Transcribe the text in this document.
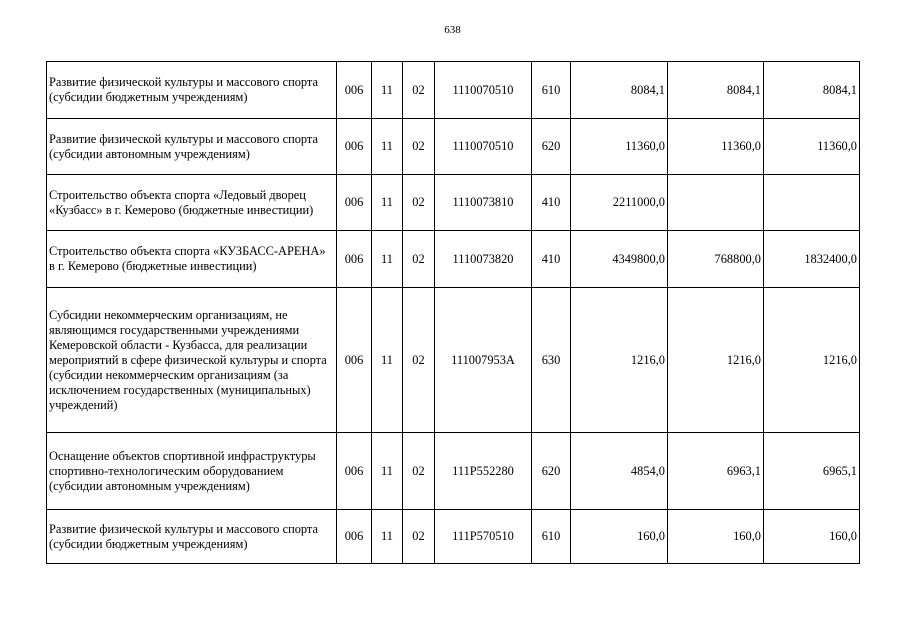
638
Развитие физической культуры и массового спорта (субсидии бюджетным учреждениям)	006	11	02	1110070510	610	8084,1	8084,1	8084,1
Развитие физической культуры и массового спорта (субсидии автономным учреждениям)	006	11	02	1110070510	620	11360,0	11360,0	11360,0
Строительство объекта спорта «Ледовый дворец «Кузбасс» в г. Кемерово (бюджетные инвестиции)	006	11	02	1110073810	410	2211000,0		
Строительство объекта спорта «КУЗБАСС-АРЕНА» в г. Кемерово (бюджетные инвестиции)	006	11	02	1110073820	410	4349800,0	768800,0	1832400,0
Субсидии некоммерческим организациям, не являющимся государственными учреждениями Кемеровской области - Кузбасса, для реализации мероприятий в сфере физической культуры и спорта (субсидии некоммерческим организациям (за исключением государственных (муниципальных) учреждений)	006	11	02	111007953А	630	1216,0	1216,0	1216,0
Оснащение объектов спортивной инфраструктуры спортивно-технологическим оборудованием (субсидии автономным учреждениям)	006	11	02	111P552280	620	4854,0	6963,1	6965,1
Развитие физической культуры и массового спорта (субсидии бюджетным учреждениям)	006	11	02	111P570510	610	160,0	160,0	160,0
